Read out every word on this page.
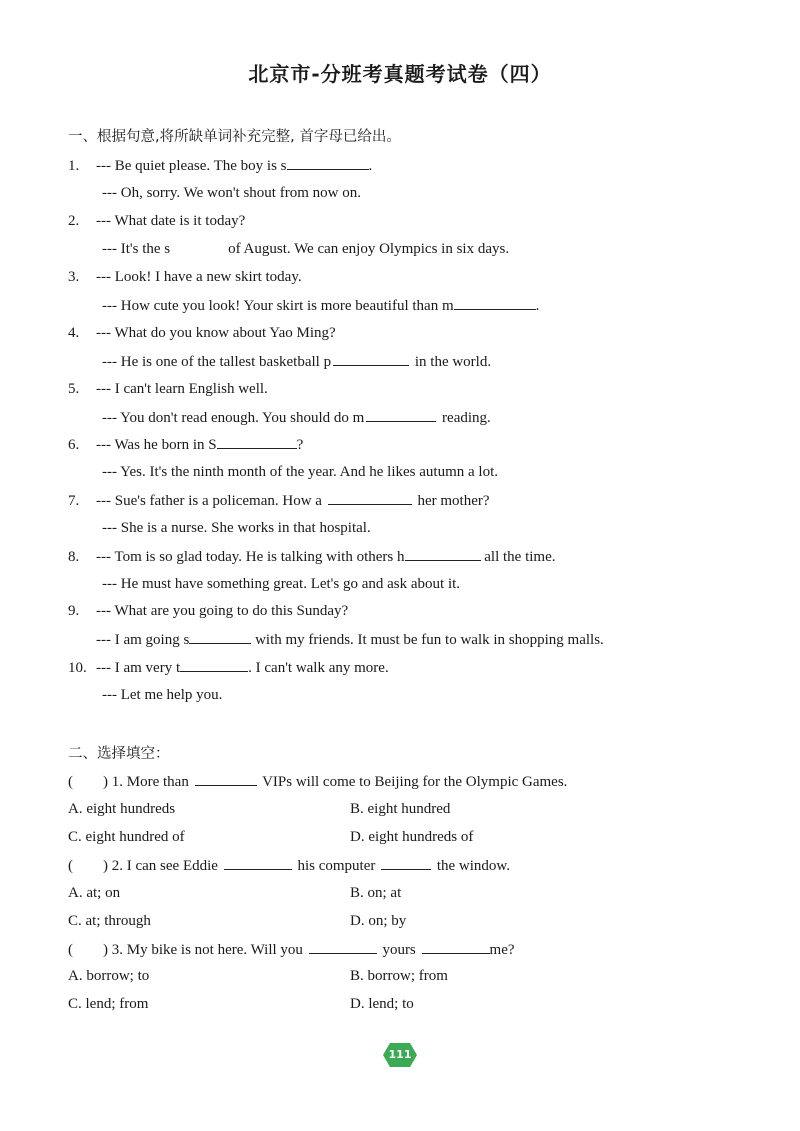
北京市-分班考真题考试卷（四）
一、根据句意,将所缺单词补充完整, 首字母已给出。
1. --- Be quiet please. The boy is s	.
--- Oh, sorry. We won't shout from now on.
2. --- What date is it today?
--- It's the s	of August. We can enjoy Olympics in six days.
3. --- Look! I have a new skirt today.
--- How cute you look! Your skirt is more beautiful than m	.
4. --- What do you know about Yao Ming?
--- He is one of the tallest basketball p	in the world.
5. --- I can't learn English well.
--- You don't read enough. You should do m	reading.
6. --- Was he born in S	?
--- Yes. It's the ninth month of the year. And he likes autumn a lot.
7. --- Sue's father is a policeman. How a	her mother?
--- She is a nurse. She works in that hospital.
8. --- Tom is so glad today. He is talking with others h	all the time.
--- He must have something great. Let's go and ask about it.
9. --- What are you going to do this Sunday?
--- I am going s	with my friends. It must be fun to walk in shopping malls.
10. --- I am very t	. I can't walk any more.
--- Let me help you.
二、选择填空：
( ) 1. More than	VIPs will come to Beijing for the Olympic Games.
A. eight hundreds	B. eight hundred
C. eight hundred of	D. eight hundreds of
( ) 2. I can see Eddie	his computer	the window.
A. at; on	B. on; at
C. at; through	D. on; by
( ) 3. My bike is not here. Will you	yours	me?
A. borrow; to	B. borrow; from
C. lend; from	D. lend; to
111
